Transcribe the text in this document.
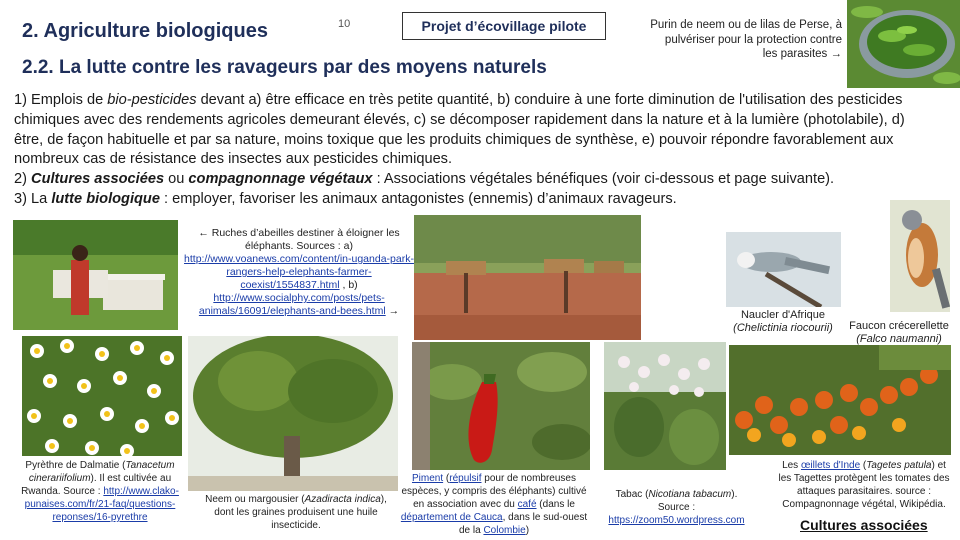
2. Agriculture biologiques	10	Projet d’écovillage pilote
2.2. La lutte contre les ravageurs par des moyens naturels
Purin de neem ou de lilas de Perse, à pulvériser pour la protection contre les parasites →

1) Emplois de bio-pesticides devant a) être efficace en très petite quantité, b) conduire à une forte diminution de l'utilisation des pesticides chimiques avec des rendements agricoles demeurant élevés, c) se décomposer rapidement dans la nature et à la lumière (photolabile), d) être, de façon habituelle et par sa nature, moins toxique que les produits chimiques de synthèse, e) pouvoir répondre favorablement aux nombreux cas de résistance des insectes aux pesticides chimiques.

2) Cultures associées ou compagnonnage végétaux : Associations végétales bénéfiques (voir ci-dessous et page suivante).

3) La lutte biologique : employer, favoriser les animaux antagonistes (ennemis) d’animaux ravageurs.

← Ruches d’abeilles destiner à éloigner les éléphants. Sources : a) http://www.voanews.com/content/in-uganda-park-rangers-help-elephants-farmer-coexist/1554837.html , b) http://www.socialphy.com/posts/pets-animals/16091/elephants-and-bees.html →	Naucler d'Afrique
(Chelictinia riocourii)	Faucon crécerellette
(Falco naumanni)
Pyrèthre de Dalmatie (Tanacetum cinerariifolium). Il est cultivée au Rwanda. Source : http://www.clako-punaises.com/fr/21-faq/questions-reponses/16-pyrethre
Neem ou margousier (Azadiracta indica), dont les graines produisent une huile insecticide.
Piment (répulsif pour de nombreuses espèces, y compris des éléphants) cultivé en association avec du café (dans le département de Cauca, dans le sud-ouest de la Colombie)
Tabac (Nicotiana tabacum).
Source :
https://zoom50.wordpress.com
Les œillets d'Inde (Tagetes patula) et les Tagettes protègent les tomates des attaques parasitaires. source : Compagnonnage végétal, Wikipédia.
Cultures associées
